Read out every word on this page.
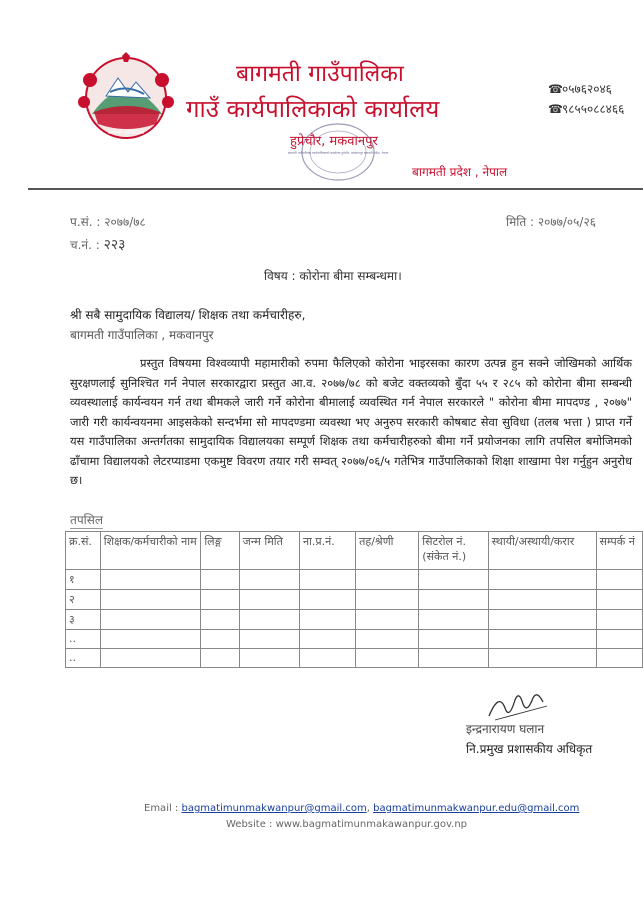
बागमती गाउँपालिका
बागमती गाउँपालिका
गाउँ कार्यपालिकाको कार्यालय
हुप्रेचौर, मकवानपुर
बागमती गाउँपालिका कार्यपालिकाको कार्यालय हुप्रेचौर, मकवानपुर बागमती प्रदेश, नेपाल
बागमती प्रदेश , नेपाल
☎०५७६२०४६
☎९८५५०८८४६६
प.सं. : २०७७/७८
च.नं. : २२३
मिति : २०७७/०५/२६
विषय : कोरोना बीमा सम्बन्धमा।
श्री सबै सामुदायिक विद्यालय/ शिक्षक तथा कर्मचारीहरु,
बागमती गाउँपालिका , मकवानपुर
प्रस्तुत विषयमा विश्वव्यापी महामारीको रुपमा फैलिएको कोरोना भाइरसका कारण उत्पन्न हुन सक्ने जोखिमको आर्थिक सुरक्षणलाई सुनिश्चित गर्न नेपाल सरकारद्वारा प्रस्तुत आ.व. २०७७/७८ को बजेट वक्तव्यको बुँदा ५५ र २८५ को कोरोना बीमा सम्बन्धी व्यवस्थालाई कार्यन्वयन गर्न तथा बीमकले जारी गर्ने कोरोना बीमालाई व्यवस्थित गर्न नेपाल सरकारले " कोरोना बीमा मापदण्ड , २०७७" जारी गरी कार्यन्वयनमा आइसकेको सन्दर्भमा सो मापदण्डमा व्यवस्था भए अनुरुप सरकारी कोषबाट सेवा सुविधा (तलब भत्ता ) प्राप्त गर्ने यस गाउँपालिका अन्तर्गतका सामुदायिक विद्यालयका सम्पूर्ण शिक्षक तथा कर्मचारीहरुको बीमा गर्ने प्रयोजनका लागि तपसिल बमोजिमको ढाँचामा विद्यालयको लेटरप्याडमा एकमुष्ट विवरण तयार गरी सम्वत् २०७७/०६/५ गतेभित्र गाउँपालिकाको शिक्षा शाखामा पेश गर्नुहुन अनुरोध छ।
तपसिल
क्र.सं.	शिक्षक/कर्मचारीको नाम	लिङ्ग	जन्म मिति	ना.प्र.नं.	तह/श्रेणी	सिटरोल नं. (संकेत नं.)	स्थायी/अस्थायी/करार	सम्पर्क नं
१								
२								
३								
..								
..								
इन्द्रनारायण घलान
नि.प्रमुख प्रशासकीय अधिकृत
Email : bagmatimunmakwanpur@gmail.com, bagmatimunmakwanpur.edu@gmail.com
Website : www.bagmatimunmakawanpur.gov.np
